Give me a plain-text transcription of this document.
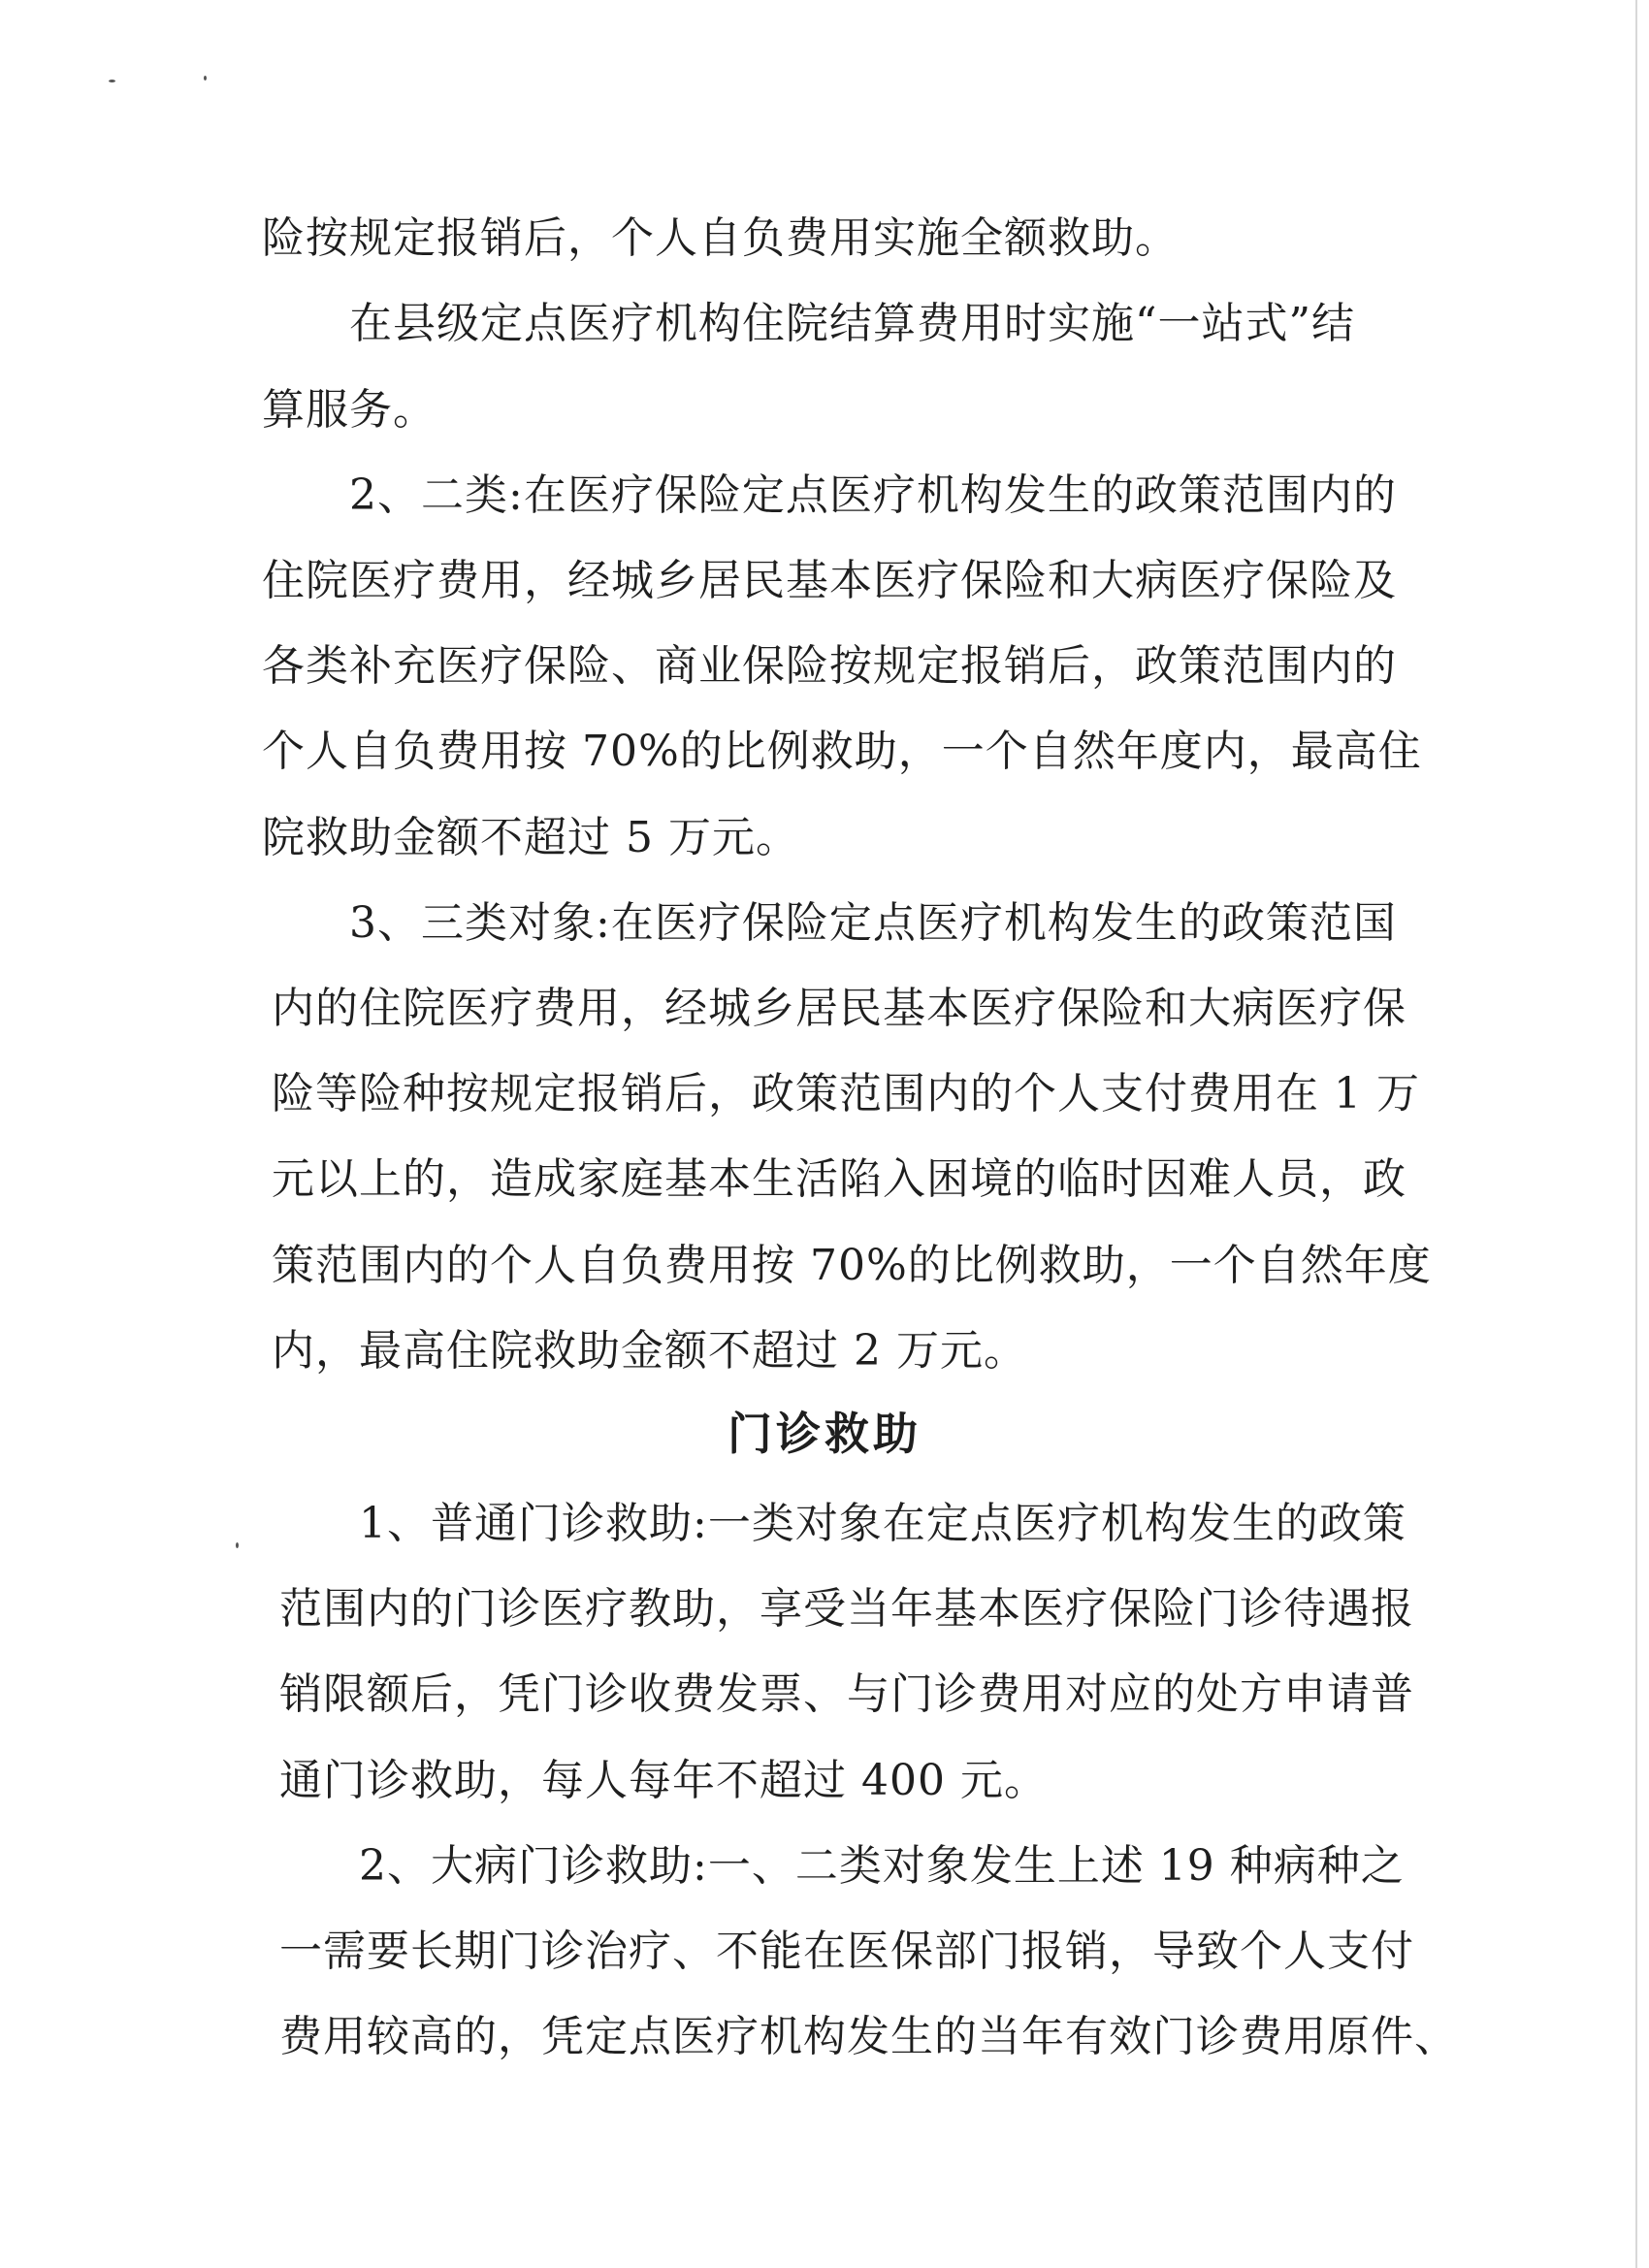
险按规定报销后，个人自负费用实施全额救助。
在县级定点医疗机构住院结算费用时实施“一站式”结
算服务。
2、二类:在医疗保险定点医疗机构发生的政策范围内的
住院医疗费用，经城乡居民基本医疗保险和大病医疗保险及
各类补充医疗保险、商业保险按规定报销后，政策范围内的
个人自负费用按 70%的比例救助，一个自然年度内，最高住
院救助金额不超过 5 万元。
3、三类对象:在医疗保险定点医疗机构发生的政策范国
内的住院医疗费用，经城乡居民基本医疗保险和大病医疗保
险等险种按规定报销后，政策范围内的个人支付费用在 1 万
元以上的，造成家庭基本生活陷入困境的临时因难人员，政
策范围内的个人自负费用按 70%的比例救助，一个自然年度
内，最高住院救助金额不超过 2 万元。
门诊救助
1、普通门诊救助:一类对象在定点医疗机构发生的政策
范围内的门诊医疗教助，享受当年基本医疗保险门诊待遇报
销限额后，凭门诊收费发票、与门诊费用对应的处方申请普
通门诊救助，每人每年不超过 400 元。
2、大病门诊救助:一、二类对象发生上述 19 种病种之
一需要长期门诊治疗、不能在医保部门报销，导致个人支付
费用较高的，凭定点医疗机构发生的当年有效门诊费用原件、
